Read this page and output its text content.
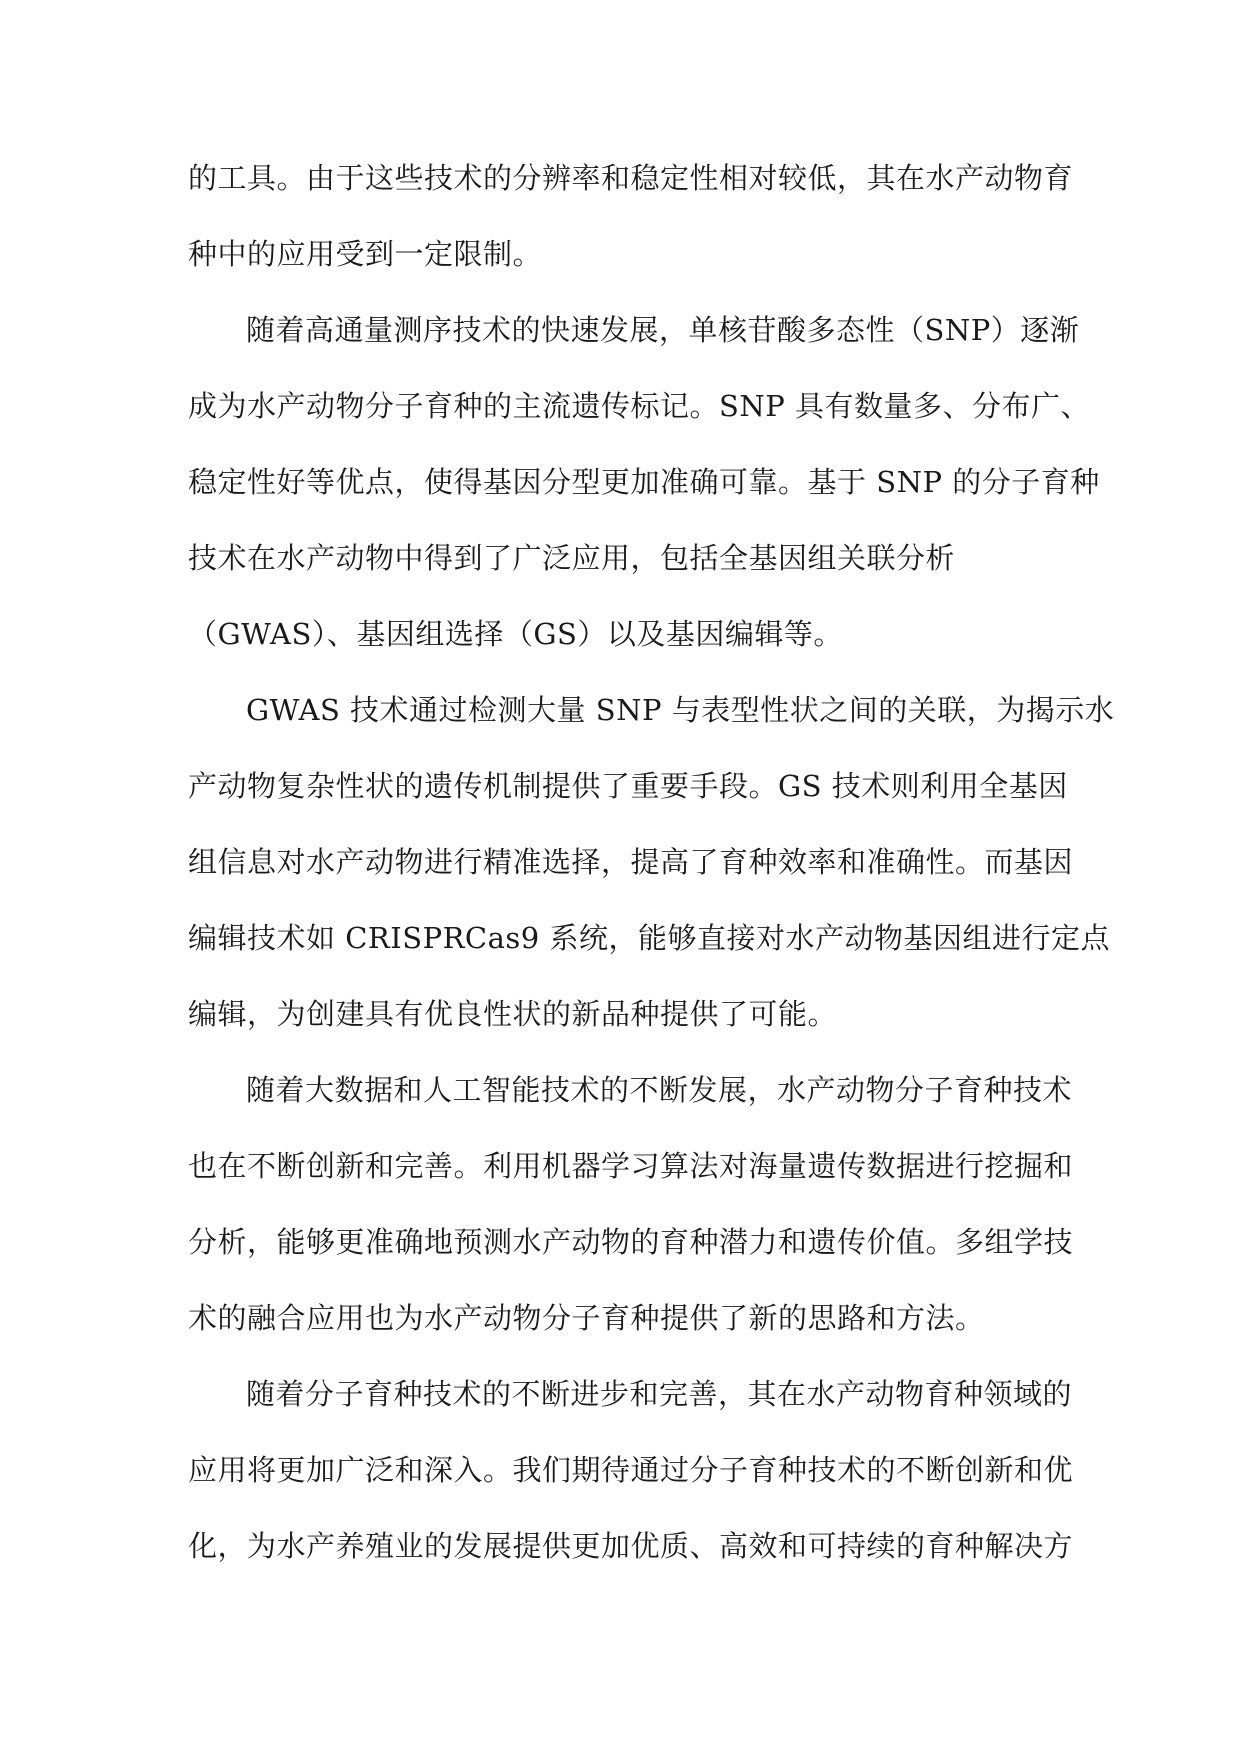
的工具。由于这些技术的分辨率和稳定性相对较低，其在水产动物育
种中的应用受到一定限制。
随着高通量测序技术的快速发展，单核苷酸多态性（SNP）逐渐
成为水产动物分子育种的主流遗传标记。SNP 具有数量多、分布广、
稳定性好等优点，使得基因分型更加准确可靠。基于 SNP 的分子育种
技术在水产动物中得到了广泛应用，包括全基因组关联分析
（GWAS）、基因组选择（GS）以及基因编辑等。
GWAS 技术通过检测大量 SNP 与表型性状之间的关联，为揭示水
产动物复杂性状的遗传机制提供了重要手段。GS 技术则利用全基因
组信息对水产动物进行精准选择，提高了育种效率和准确性。而基因
编辑技术如 CRISPRCas9 系统，能够直接对水产动物基因组进行定点
编辑，为创建具有优良性状的新品种提供了可能。
随着大数据和人工智能技术的不断发展，水产动物分子育种技术
也在不断创新和完善。利用机器学习算法对海量遗传数据进行挖掘和
分析，能够更准确地预测水产动物的育种潜力和遗传价值。多组学技
术的融合应用也为水产动物分子育种提供了新的思路和方法。
随着分子育种技术的不断进步和完善，其在水产动物育种领域的
应用将更加广泛和深入。我们期待通过分子育种技术的不断创新和优
化，为水产养殖业的发展提供更加优质、高效和可持续的育种解决方
